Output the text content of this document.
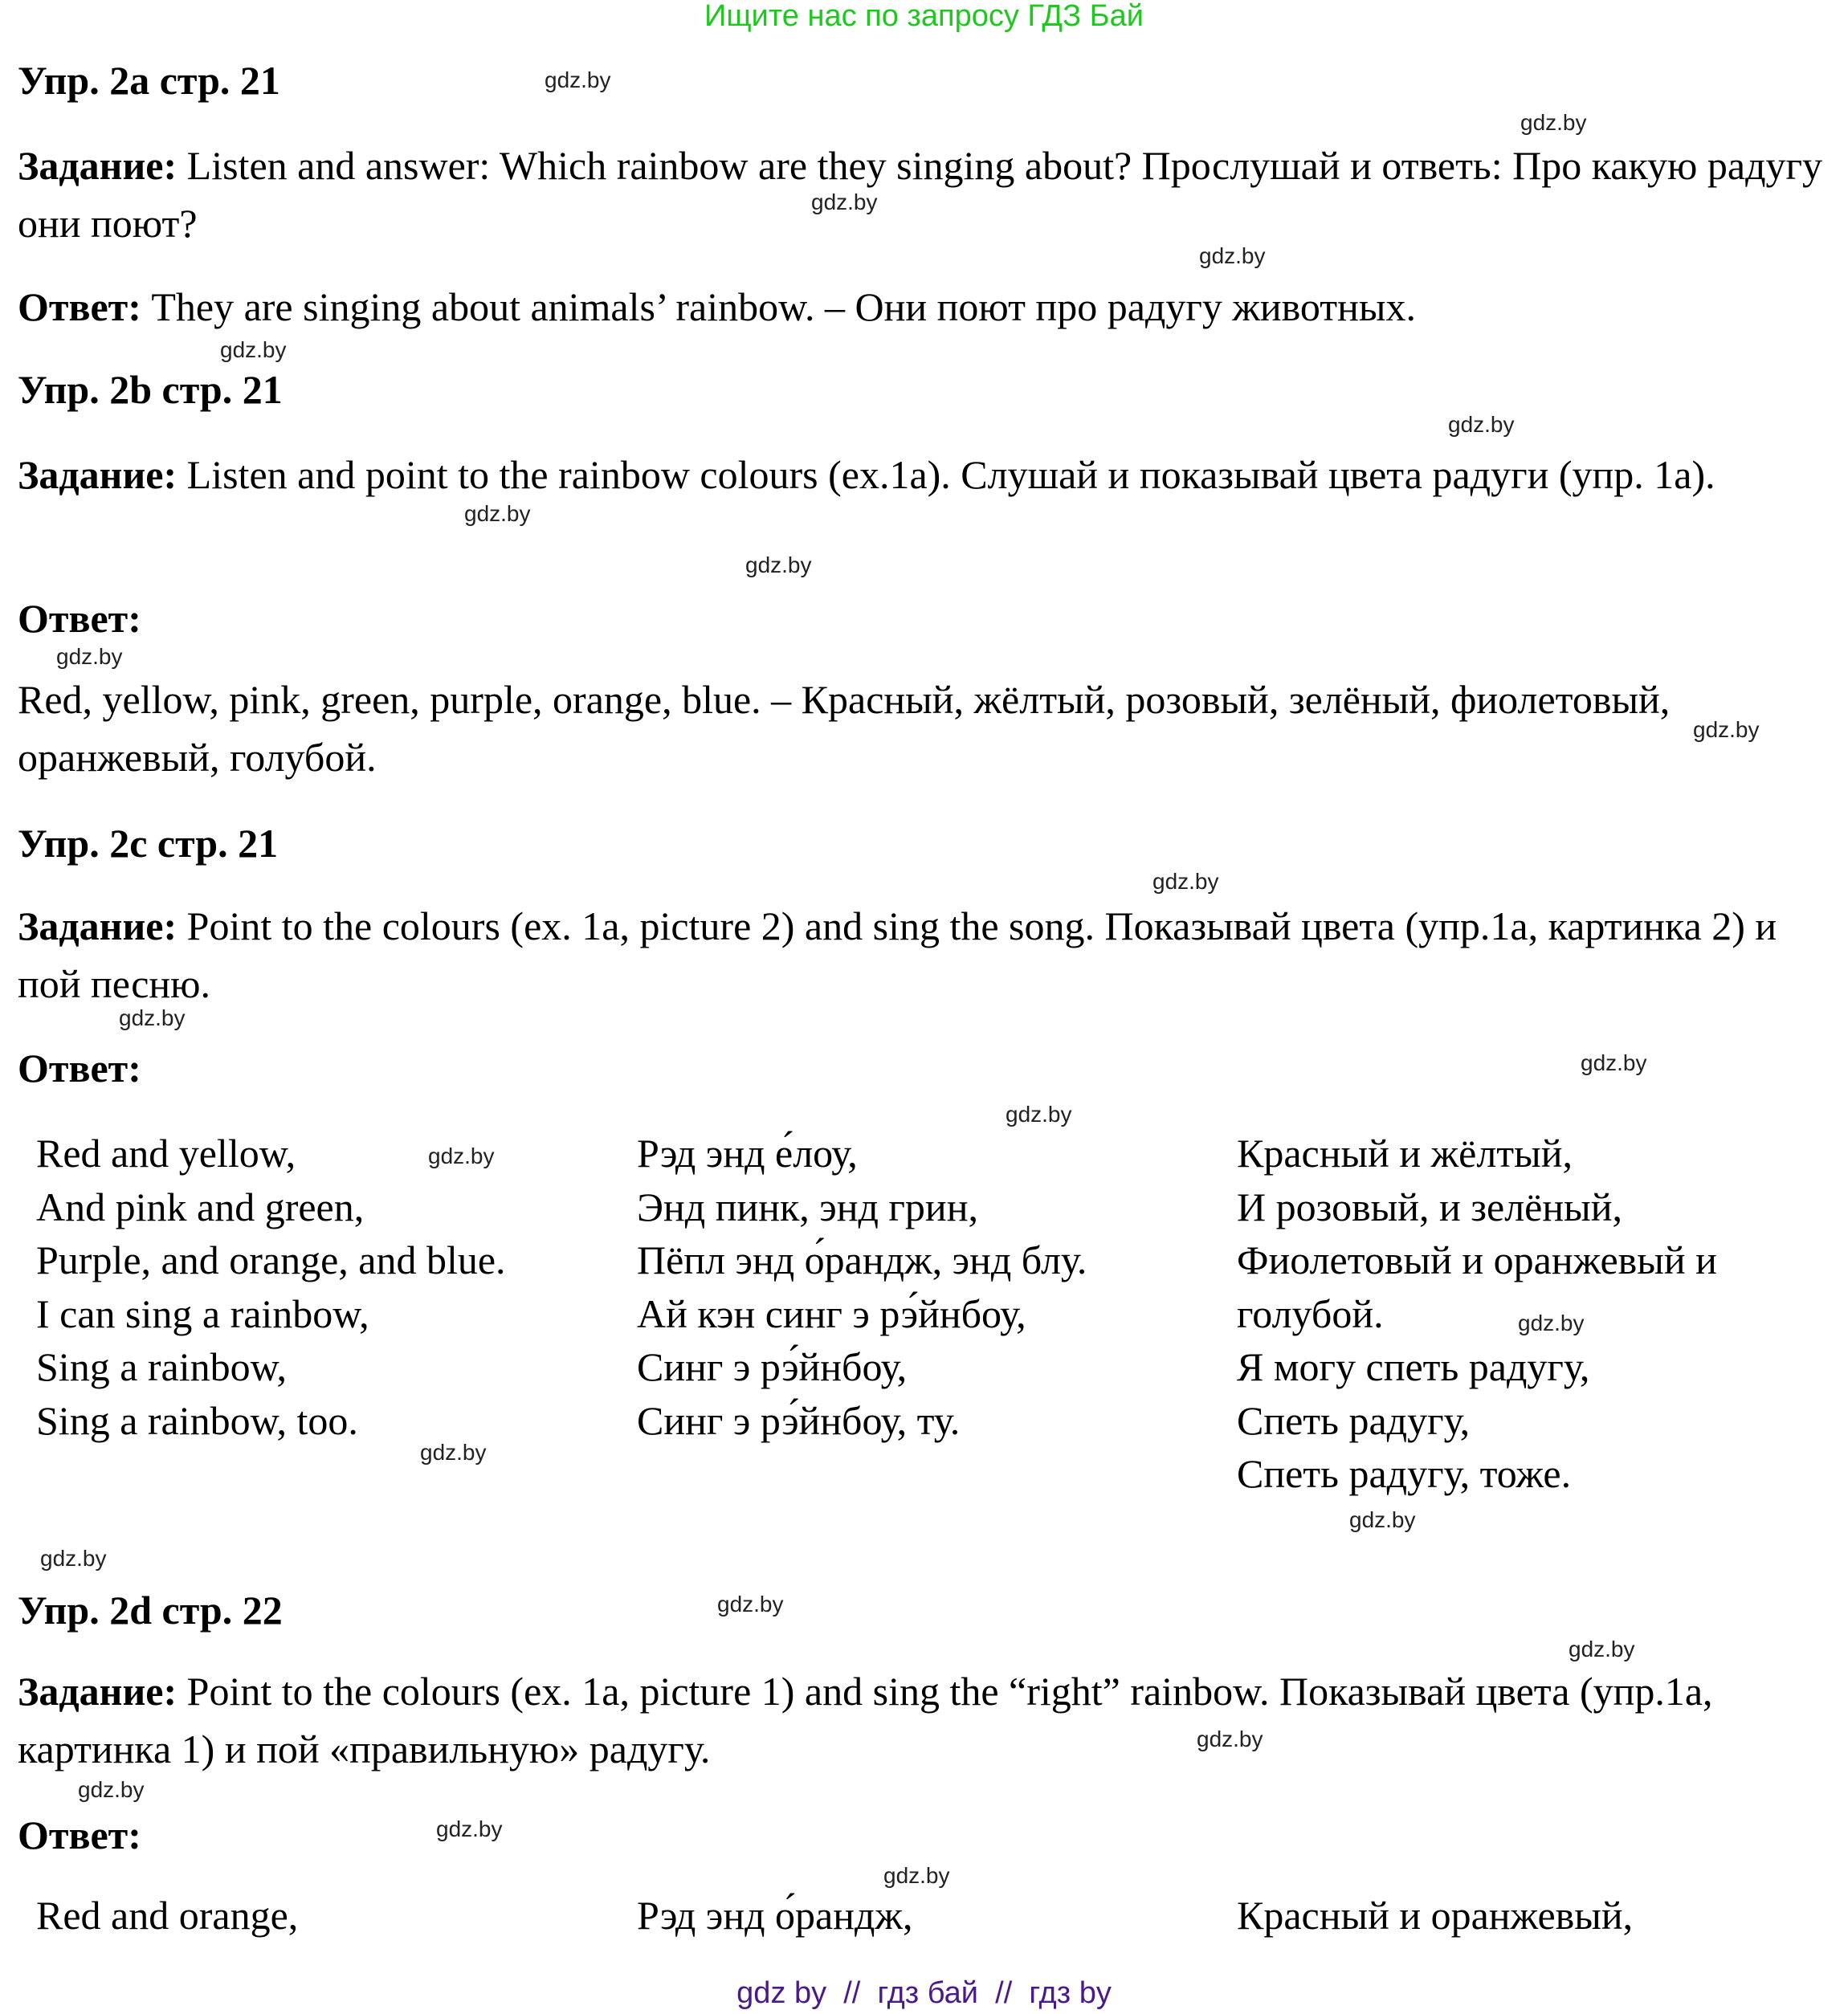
Ищите нас по запросу ГДЗ Бай
Упр. 2a стр. 21
Задание: Listen and answer: Which rainbow are they singing about? Прослушай и ответь: Про какую радугу они поют?
Ответ: They are singing about animals’ rainbow. – Они поют про радугу животных.
Упр. 2b стр. 21
Задание: Listen and point to the rainbow colours (ex.1a). Слушай и показывай цвета радуги (упр. 1a).
Ответ:
Red, yellow, pink, green, purple, orange, blue. – Красный, жёлтый, розовый, зелёный, фиолетовый, оранжевый, голубой.
Упр. 2c стр. 21
Задание: Point to the colours (ex. 1a, picture 2) and sing the song. Показывай цвета (упр.1a, картинка 2) и пой песню.
Ответ:
Red and yellow,
And pink and green,
Purple, and orange, and blue.
I can sing a rainbow,
Sing a rainbow,
Sing a rainbow, too.
Рэд энд е́лоу,
Энд пинк, энд грин,
Пёпл энд о́рандж, энд блу.
Ай кэн синг э рэ́йнбоу,
Синг э рэ́йнбоу,
Синг э рэ́йнбоу, ту.
Красный и жёлтый,
И розовый, и зелёный,
Фиолетовый и оранжевый и
голубой.
Я могу спеть радугу,
Спеть радугу,
Спеть радугу, тоже.
Упр. 2d стр. 22
Задание: Point to the colours (ex. 1a, picture 1) and sing the “right” rainbow. Показывай цвета (упр.1a, картинка 1) и пой «правильную» радугу.
Ответ:
Red and orange,	Рэд энд о́рандж,	Красный и оранжевый,
gdz.by
gdz.by
gdz.by
gdz.by
gdz.by
gdz.by
gdz.by
gdz.by
gdz.by
gdz.by
gdz.by
gdz.by
gdz.by
gdz.by
gdz.by
gdz.by
gdz.by
gdz.by
gdz.by
gdz.by
gdz.by
gdz.by
gdz.by
gdz.by
gdz.by
gdz by  //  гдз бай  //  гдз by
